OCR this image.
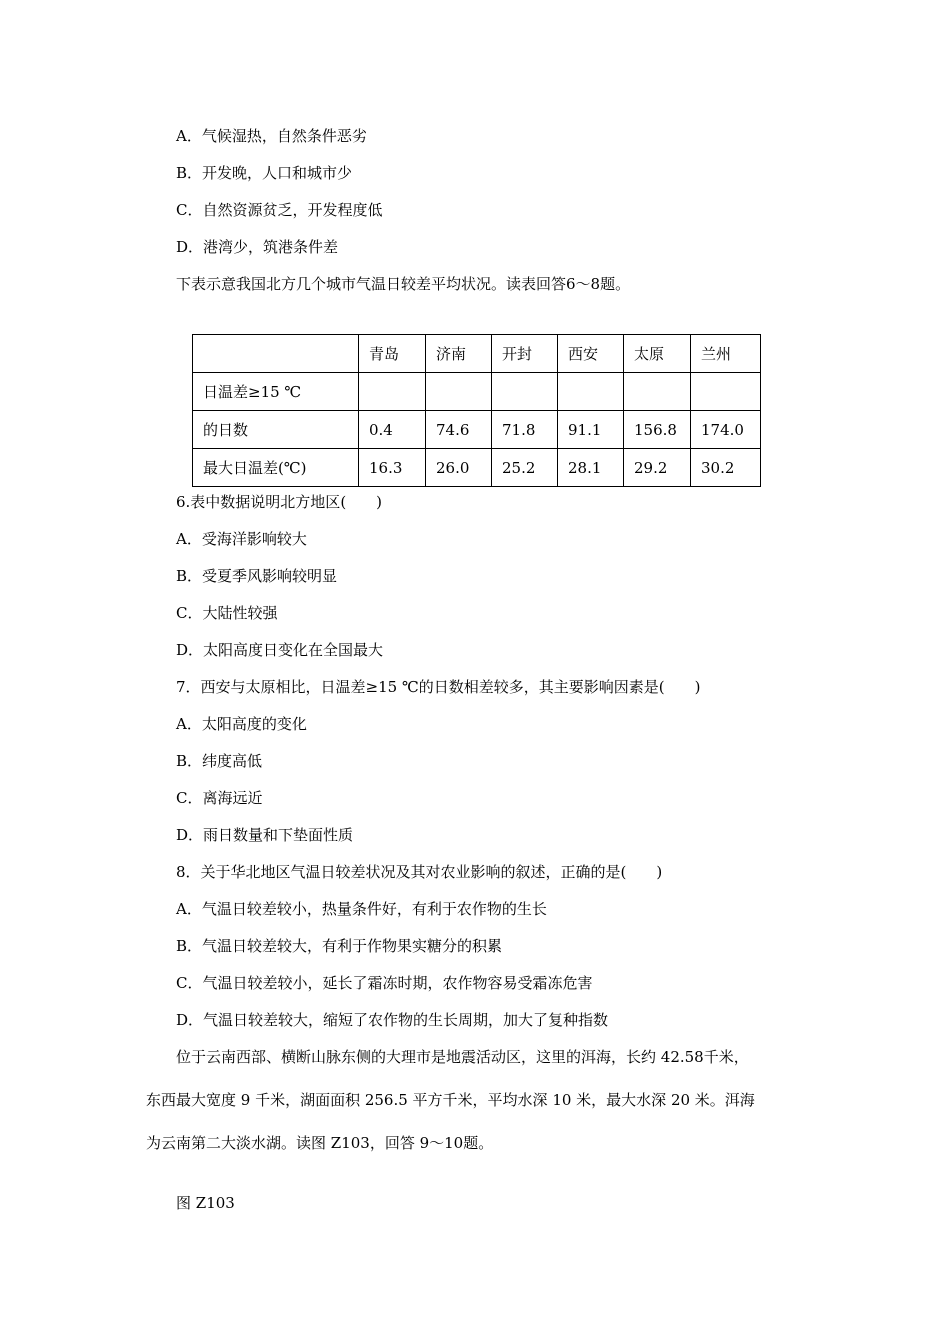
A．气候湿热，自然条件恶劣
B．开发晚，人口和城市少
C．自然资源贫乏，开发程度低
D．港湾少，筑港条件差
下表示意我国北方几个城市气温日较差平均状况。读表回答6～8题。
	青岛	济南	开封	西安	太原	兰州
日温差≥15 ℃						
的日数	0.4	74.6	71.8	91.1	156.8	174.0
最大日温差(℃)	16.3	26.0	25.2	28.1	29.2	30.2
6.表中数据说明北方地区(　　)
A．受海洋影响较大
B．受夏季风影响较明显
C．大陆性较强
D．太阳高度日变化在全国最大
7．西安与太原相比，日温差≥15 ℃的日数相差较多，其主要影响因素是(　　)
A．太阳高度的变化
B．纬度高低
C．离海远近
D．雨日数量和下垫面性质
8．关于华北地区气温日较差状况及其对农业影响的叙述，正确的是(　　)
A．气温日较差较小，热量条件好，有利于农作物的生长
B．气温日较差较大，有利于作物果实糖分的积累
C．气温日较差较小，延长了霜冻时期，农作物容易受霜冻危害
D．气温日较差较大，缩短了农作物的生长周期，加大了复种指数
　　位于云南西部、横断山脉东侧的大理市是地震活动区，这里的洱海，长约 42.58千米，
东西最大宽度 9 千米，湖面面积 256.5 平方千米，平均水深 10 米，最大水深 20 米。洱海
为云南第二大淡水湖。读图 Z103，回答 9～10题。
图 Z103
